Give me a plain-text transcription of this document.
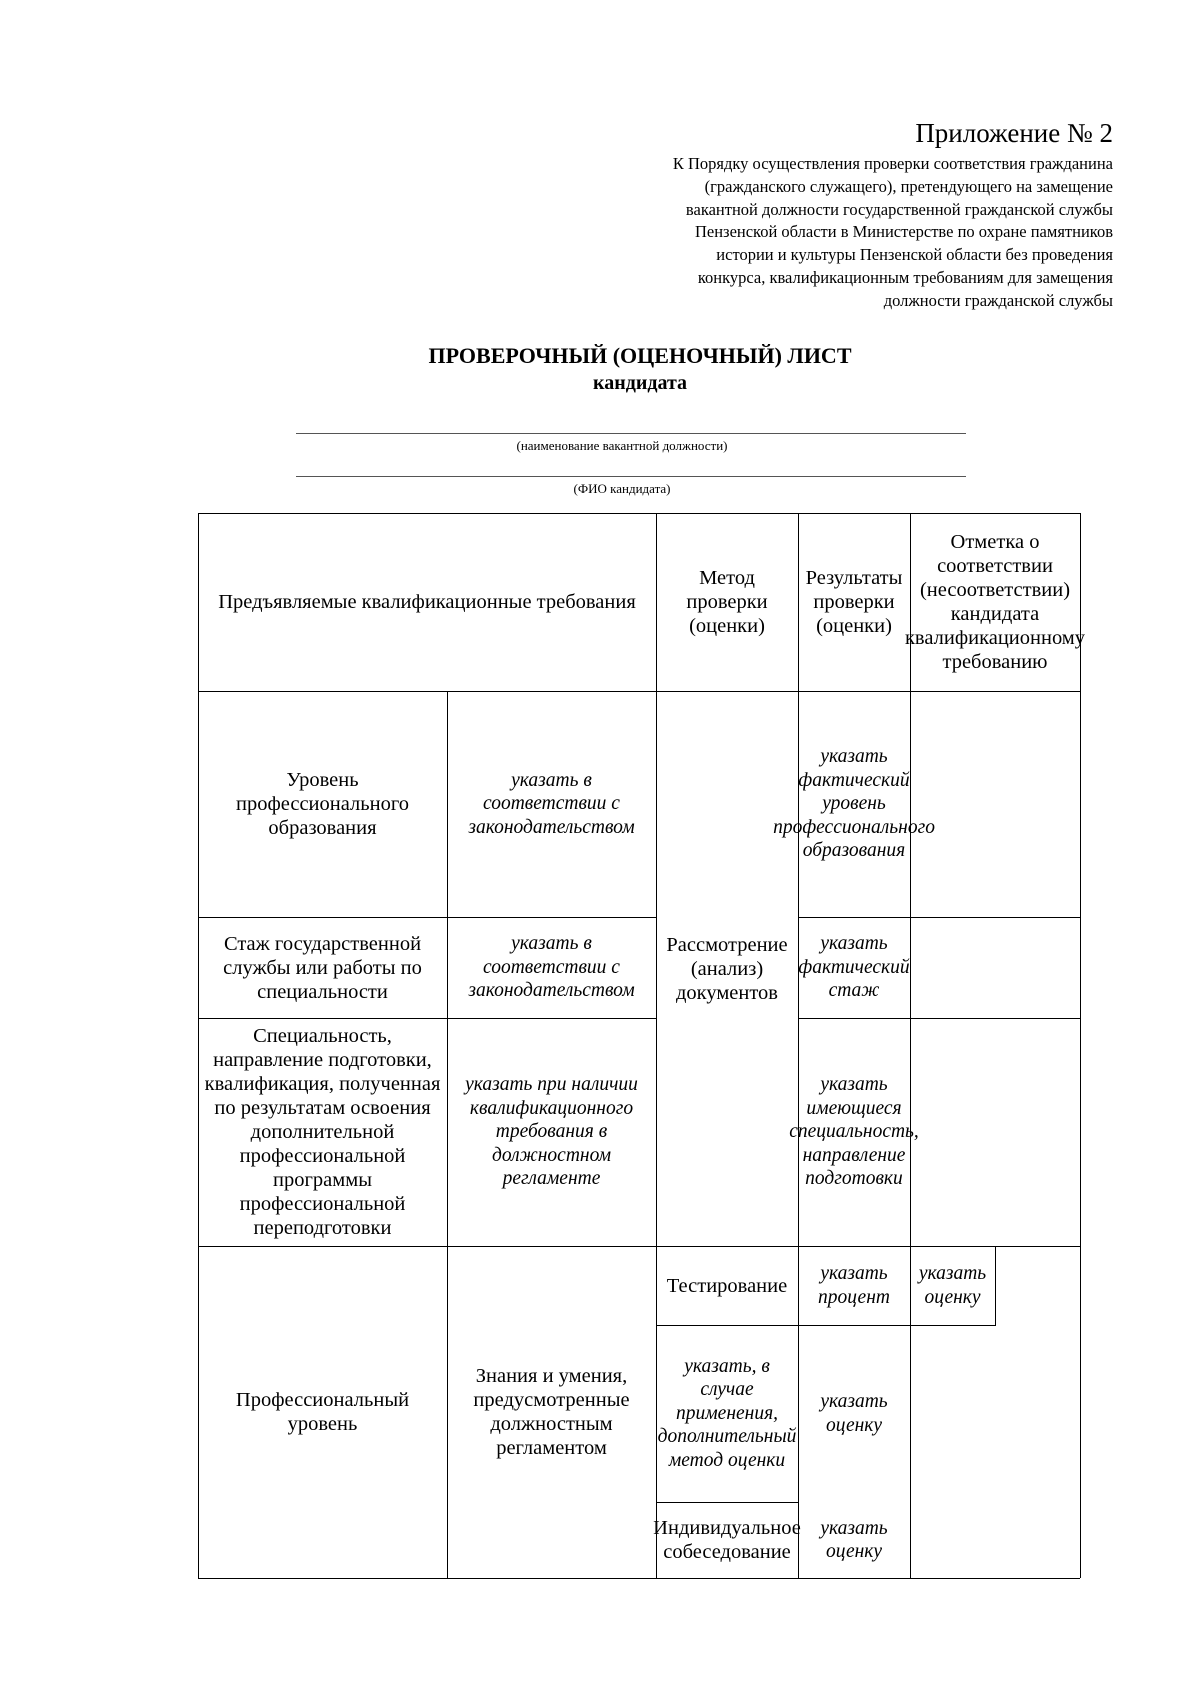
Приложение № 2
К Порядку осуществления проверки соответствия гражданина
(гражданского служащего), претендующего на замещение
вакантной должности государственной гражданской службы
Пензенской области в Министерстве по охране памятников
истории и культуры Пензенской области без проведения
конкурса, квалификационным требованиям для замещения
должности гражданской службы
ПРОВЕРОЧНЫЙ (ОЦЕНОЧНЫЙ) ЛИСТ
кандидата
(наименование вакантной должности)
(ФИО кандидата)
Предъявляемые квалификационные требования
Метод проверки (оценки)
Результаты проверки (оценки)
Отметка о соответствии (несоответствии) кандидата квалификационному требованию
Уровень профессионального образования
указать в соответствии с законодательством
указать фактический уровень профессионального образования
Стаж государственной службы или работы по специальности
указать в соответствии с законодательством
указать фактический стаж
Рассмотрение (анализ) документов
Специальность, направление подготовки, квалификация, полученная по результатам освоения дополнительной профессиональной программы профессиональной переподготовки
указать при наличии квалификационного требования в должностном регламенте
указать имеющиеся специальность, направление подготовки
Профессиональный уровень
Знания и умения, предусмотренные должностным регламентом
Тестирование
указать процент
указать оценку
указать, в случае применения, дополнительный метод оценки
указать оценку
Индивидуальное собеседование
указать оценку
